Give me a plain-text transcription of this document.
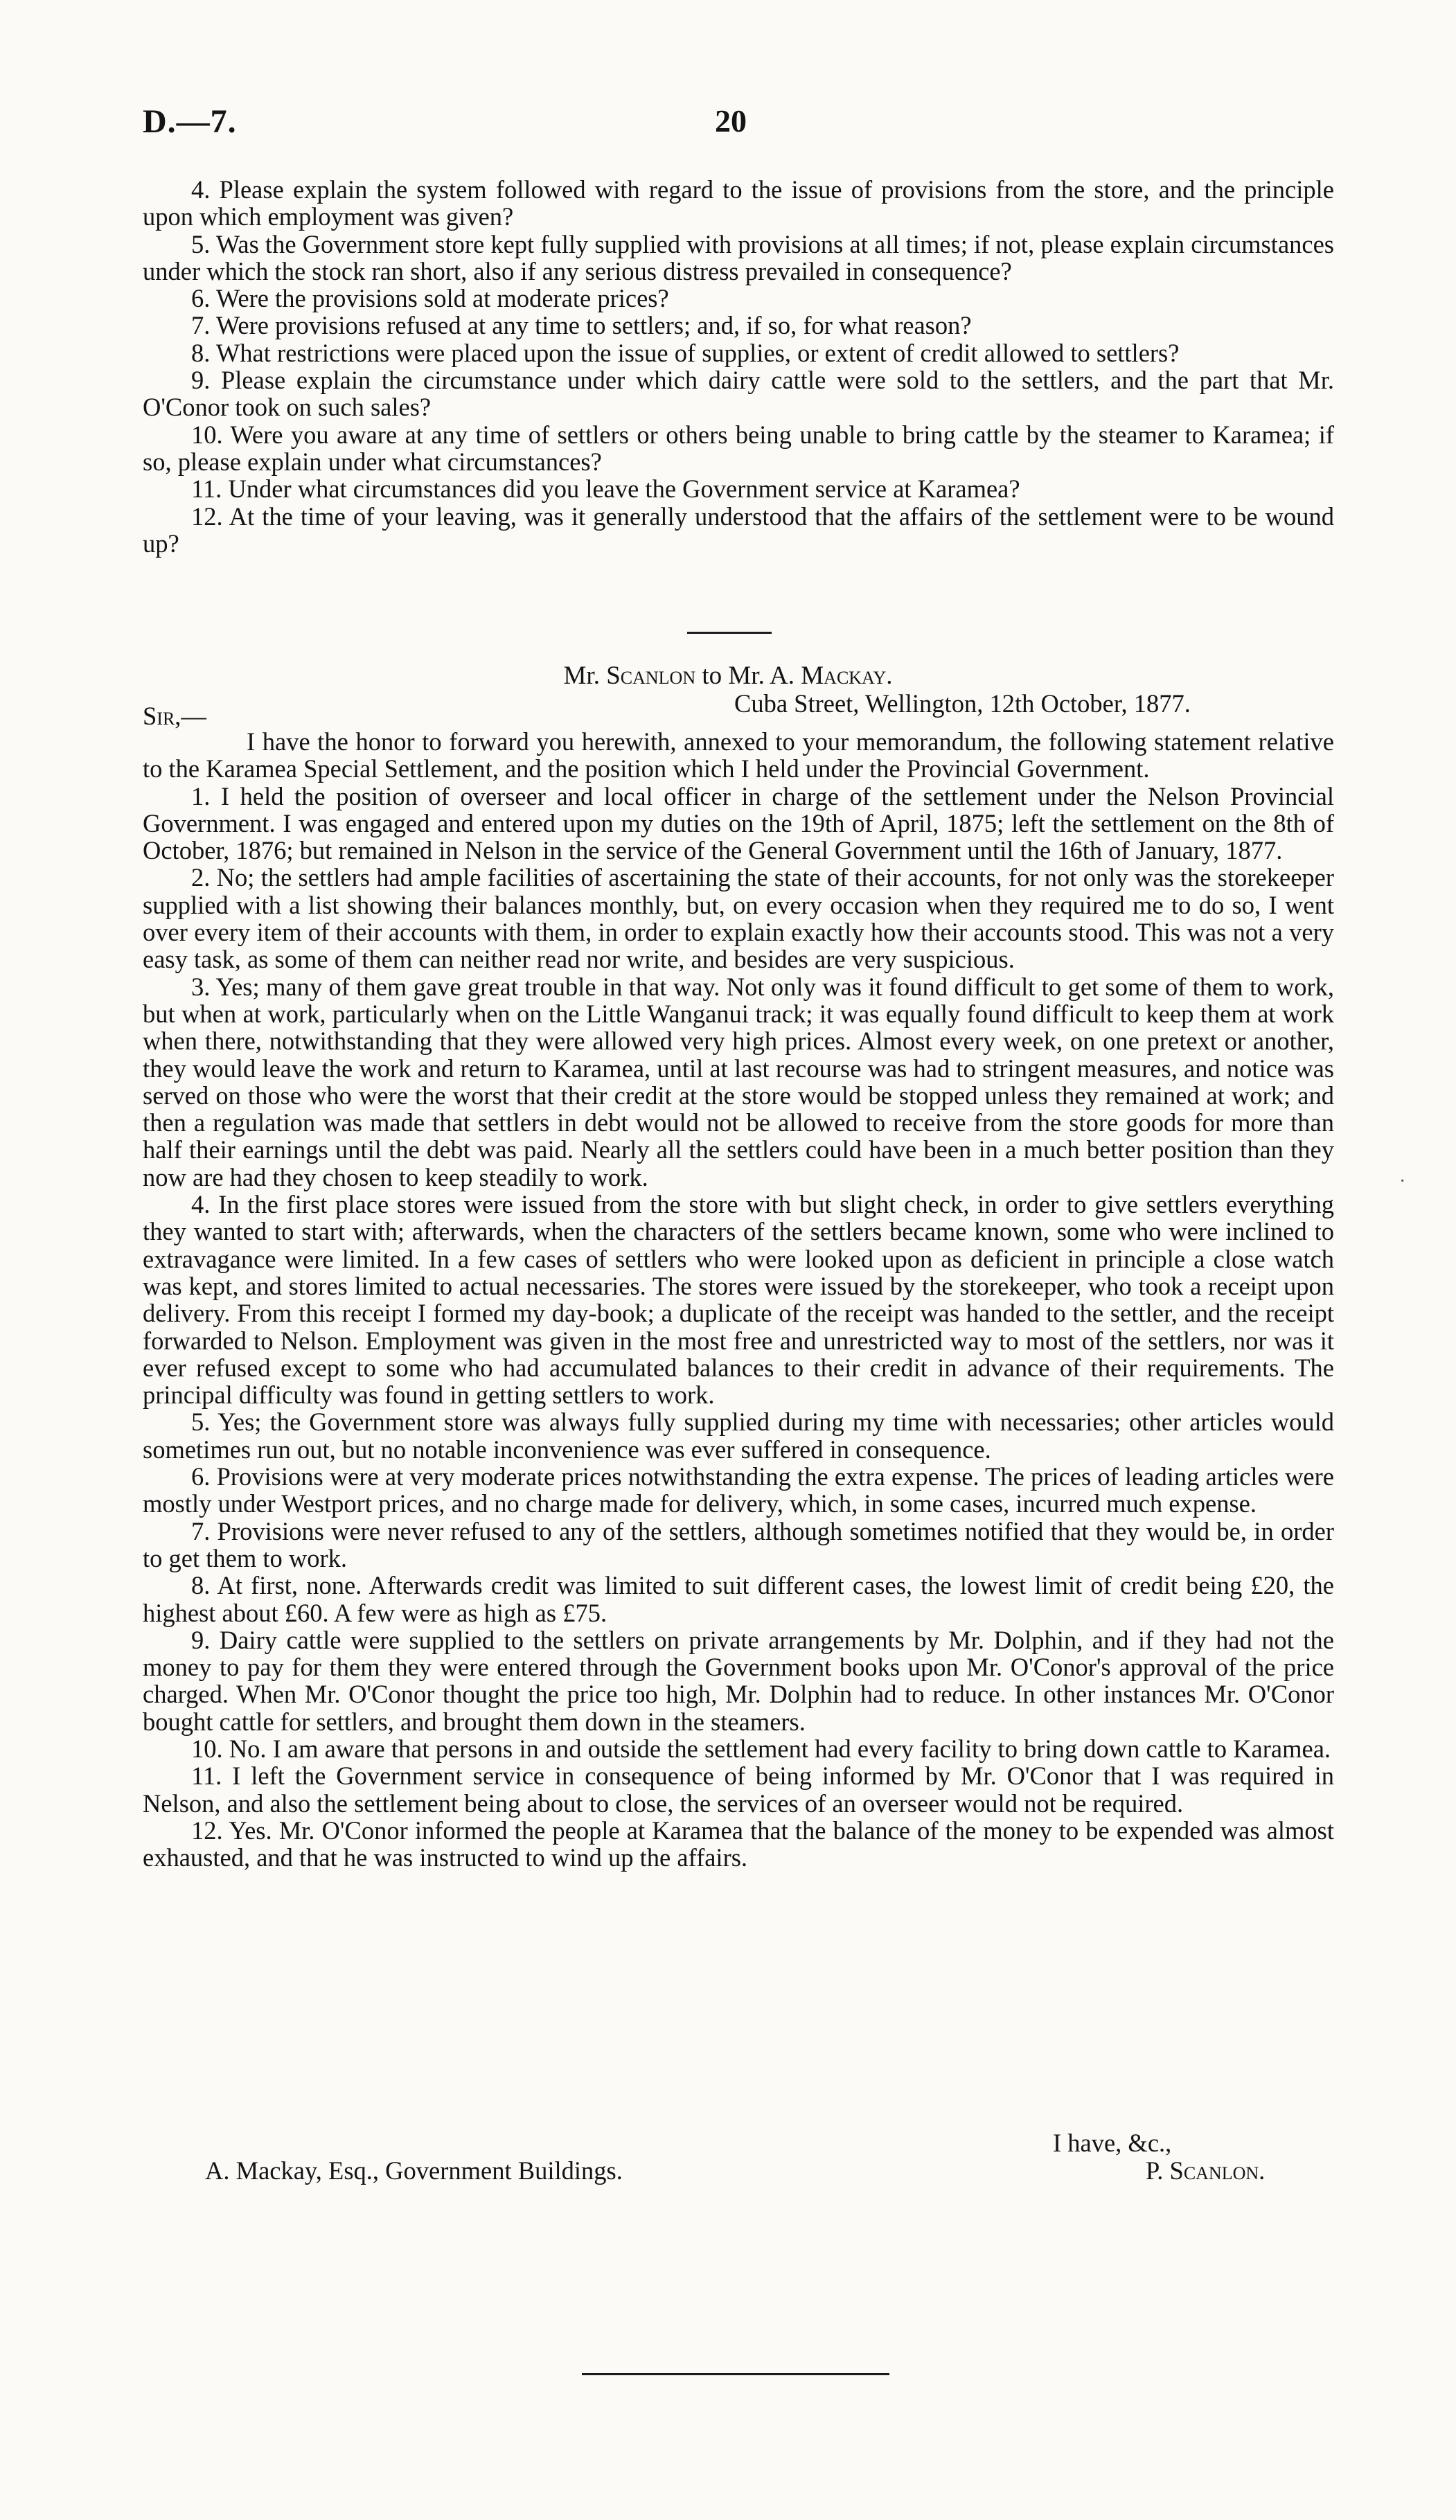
D.—7.	20

4. Please explain the system followed with regard to the issue of provisions from the store, and the principle upon which employment was given?

5. Was the Government store kept fully supplied with provisions at all times; if not, please explain circumstances under which the stock ran short, also if any serious distress prevailed in consequence?

6. Were the provisions sold at moderate prices?

7. Were provisions refused at any time to settlers; and, if so, for what reason?

8. What restrictions were placed upon the issue of supplies, or extent of credit allowed to settlers?

9. Please explain the circumstance under which dairy cattle were sold to the settlers, and the part that Mr. O'Conor took on such sales?

10. Were you aware at any time of settlers or others being unable to bring cattle by the steamer to Karamea; if so, please explain under what circumstances?

11. Under what circumstances did you leave the Government service at Karamea?

12. At the time of your leaving, was it generally understood that the affairs of the settlement were to be wound up?

Mr. Scanlon to Mr. A. Mackay.
Cuba Street, Wellington, 12th October, 1877.
Sir,—

I have the honor to forward you herewith, annexed to your memorandum, the following statement relative to the Karamea Special Settlement, and the position which I held under the Provincial Government.

1. I held the position of overseer and local officer in charge of the settlement under the Nelson Provincial Government. I was engaged and entered upon my duties on the 19th of April, 1875; left the settlement on the 8th of October, 1876; but remained in Nelson in the service of the General Government until the 16th of January, 1877.

2. No; the settlers had ample facilities of ascertaining the state of their accounts, for not only was the storekeeper supplied with a list showing their balances monthly, but, on every occasion when they required me to do so, I went over every item of their accounts with them, in order to explain exactly how their accounts stood. This was not a very easy task, as some of them can neither read nor write, and besides are very suspicious.

3. Yes; many of them gave great trouble in that way. Not only was it found difficult to get some of them to work, but when at work, particularly when on the Little Wanganui track; it was equally found difficult to keep them at work when there, notwithstanding that they were allowed very high prices. Almost every week, on one pretext or another, they would leave the work and return to Karamea, until at last recourse was had to stringent measures, and notice was served on those who were the worst that their credit at the store would be stopped unless they remained at work; and then a regulation was made that settlers in debt would not be allowed to receive from the store goods for more than half their earnings until the debt was paid. Nearly all the settlers could have been in a much better position than they now are had they chosen to keep steadily to work.

4. In the first place stores were issued from the store with but slight check, in order to give settlers everything they wanted to start with; afterwards, when the characters of the settlers became known, some who were inclined to extravagance were limited. In a few cases of settlers who were looked upon as deficient in principle a close watch was kept, and stores limited to actual necessaries. The stores were issued by the storekeeper, who took a receipt upon delivery. From this receipt I formed my day-book; a duplicate of the receipt was handed to the settler, and the receipt forwarded to Nelson. Employment was given in the most free and unrestricted way to most of the settlers, nor was it ever refused except to some who had accumulated balances to their credit in advance of their requirements. The principal difficulty was found in getting settlers to work.

5. Yes; the Government store was always fully supplied during my time with necessaries; other articles would sometimes run out, but no notable inconvenience was ever suffered in consequence.

6. Provisions were at very moderate prices notwithstanding the extra expense. The prices of leading articles were mostly under Westport prices, and no charge made for delivery, which, in some cases, incurred much expense.

7. Provisions were never refused to any of the settlers, although sometimes notified that they would be, in order to get them to work.

8. At first, none. Afterwards credit was limited to suit different cases, the lowest limit of credit being £20, the highest about £60. A few were as high as £75.

9. Dairy cattle were supplied to the settlers on private arrangements by Mr. Dolphin, and if they had not the money to pay for them they were entered through the Government books upon Mr. O'Conor's approval of the price charged. When Mr. O'Conor thought the price too high, Mr. Dolphin had to reduce. In other instances Mr. O'Conor bought cattle for settlers, and brought them down in the steamers.

10. No. I am aware that persons in and outside the settlement had every facility to bring down cattle to Karamea.

11. I left the Government service in consequence of being informed by Mr. O'Conor that I was required in Nelson, and also the settlement being about to close, the services of an overseer would not be required.

12. Yes. Mr. O'Conor informed the people at Karamea that the balance of the money to be expended was almost exhausted, and that he was instructed to wind up the affairs.

I have, &c.,
A. Mackay, Esq., Government Buildings.	P. Scanlon.
·
